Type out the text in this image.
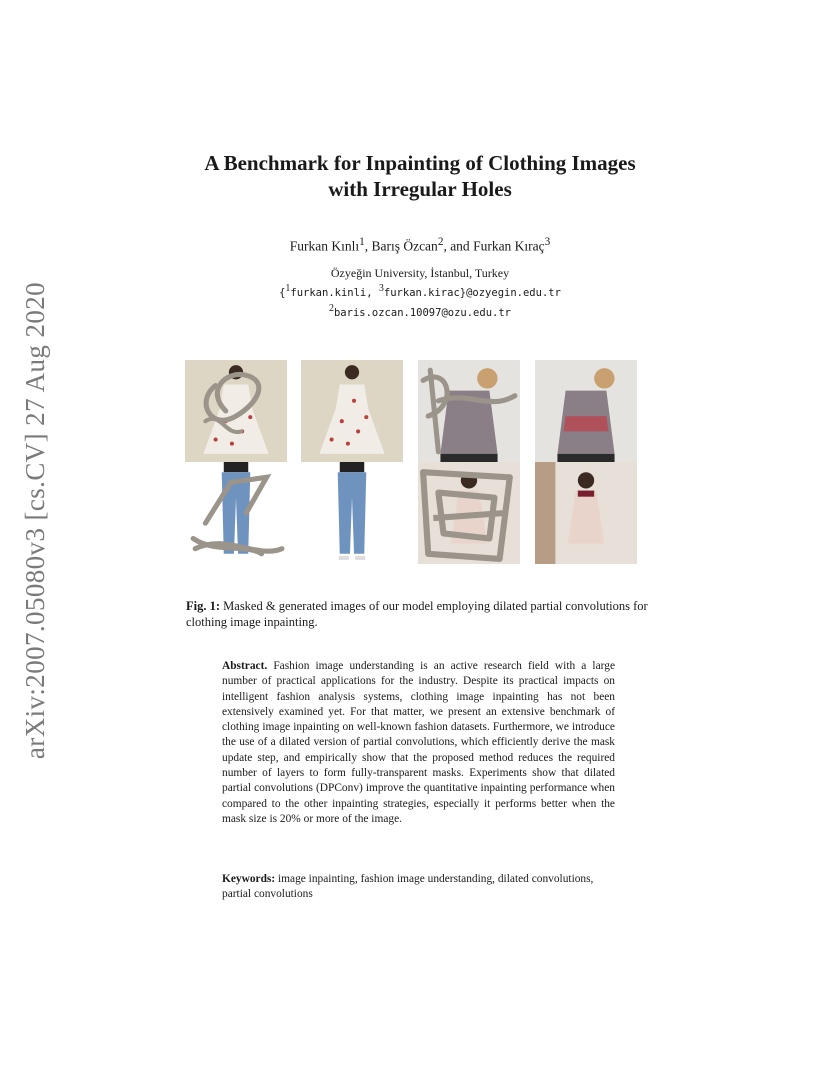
arXiv:2007.05080v3 [cs.CV] 27 Aug 2020
A Benchmark for Inpainting of Clothing Images
with Irregular Holes
Furkan Kınlı$^1$, Barış Özcan$^2$, and Furkan Kıraç$^3$
Özyeğin University, İstanbul, Turkey
{$^1$furkan.kinli, $^3$furkan.kirac}@ozyegin.edu.tr
$^2$baris.ozcan.10097@ozu.edu.tr
Fig. 1: Masked & generated images of our model employing dilated partial convolutions for clothing image inpainting.
Abstract. Fashion image understanding is an active research field with a large number of practical applications for the industry. Despite its practical impacts on intelligent fashion analysis systems, clothing image inpainting has not been extensively examined yet. For that matter, we present an extensive benchmark of clothing image inpainting on well-known fashion datasets. Furthermore, we introduce the use of a dilated version of partial convolutions, which efficiently derive the mask update step, and empirically show that the proposed method reduces the required number of layers to form fully-transparent masks. Experiments show that dilated partial convolutions (DPConv) improve the quantitative inpainting performance when compared to the other inpainting strategies, especially it performs better when the mask size is 20% or more of the image.
Keywords: image inpainting, fashion image understanding, dilated convolutions, partial convolutions
